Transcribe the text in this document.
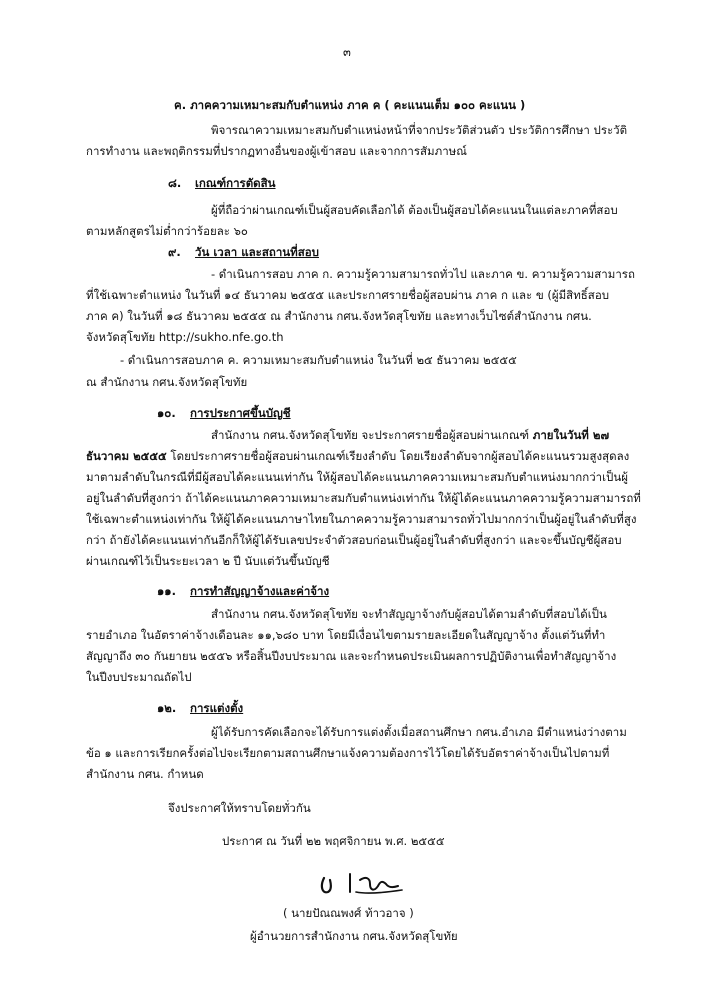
๓
ค. ภาคความเหมาะสมกับตำแหน่ง ภาค ค ( คะแนนเต็ม ๑๐๐ คะแนน )
พิจารณาความเหมาะสมกับตำแหน่งหน้าที่จากประวัติส่วนตัว ประวัติการศึกษา ประวัติ
การทำงาน และพฤติกรรมที่ปรากฏทางอื่นของผู้เข้าสอบ และจากการสัมภาษณ์
๘. เกณฑ์การตัดสิน
ผู้ที่ถือว่าผ่านเกณฑ์เป็นผู้สอบคัดเลือกได้ ต้องเป็นผู้สอบได้คะแนนในแต่ละภาคที่สอบ
ตามหลักสูตรไม่ต่ำกว่าร้อยละ ๖๐
๙. วัน เวลา และสถานที่สอบ
- ดำเนินการสอบ ภาค ก. ความรู้ความสามารถทั่วไป และภาค ข. ความรู้ความสามารถ
ที่ใช้เฉพาะตำแหน่ง ในวันที่ ๑๔ ธันวาคม ๒๕๕๕ และประกาศรายชื่อผู้สอบผ่าน ภาค ก และ ข (ผู้มีสิทธิ์สอบ
ภาค ค) ในวันที่ ๑๘ ธันวาคม ๒๕๕๕ ณ สำนักงาน กศน.จังหวัดสุโขทัย และทางเว็บไซต์สำนักงาน กศน.
จังหวัดสุโขทัย http://sukho.nfe.go.th
- ดำเนินการสอบภาค ค. ความเหมาะสมกับตำแหน่ง ในวันที่ ๒๕ ธันวาคม ๒๕๕๕
ณ สำนักงาน กศน.จังหวัดสุโขทัย
๑๐. การประกาศขึ้นบัญชี
สำนักงาน กศน.จังหวัดสุโขทัย จะประกาศรายชื่อผู้สอบผ่านเกณฑ์ ภายในวันที่ ๒๗
ธันวาคม ๒๕๕๕ โดยประกาศรายชื่อผู้สอบผ่านเกณฑ์เรียงลำดับ โดยเรียงลำดับจากผู้สอบได้คะแนนรวมสูงสุดลง
มาตามลำดับในกรณีที่มีผู้สอบได้คะแนนเท่ากัน ให้ผู้สอบได้คะแนนภาคความเหมาะสมกับตำแหน่งมากกว่าเป็นผู้
อยู่ในลำดับที่สูงกว่า ถ้าได้คะแนนภาคความเหมาะสมกับตำแหน่งเท่ากัน ให้ผู้ได้คะแนนภาคความรู้ความสามารถที่
ใช้เฉพาะตำแหน่งเท่ากัน ให้ผู้ได้คะแนนภาษาไทยในภาคความรู้ความสามารถทั่วไปมากกว่าเป็นผู้อยู่ในลำดับที่สูง
กว่า ถ้ายังได้คะแนนเท่ากันอีกก็ให้ผู้ได้รับเลขประจำตัวสอบก่อนเป็นผู้อยู่ในลำดับที่สูงกว่า และจะขึ้นบัญชีผู้สอบ
ผ่านเกณฑ์ไว้เป็นระยะเวลา ๒ ปี นับแต่วันขึ้นบัญชี
๑๑. การทำสัญญาจ้างและค่าจ้าง
สำนักงาน กศน.จังหวัดสุโขทัย จะทำสัญญาจ้างกับผู้สอบได้ตามลำดับที่สอบได้เป็น
รายอำเภอ ในอัตราค่าจ้างเดือนละ ๑๑,๖๘๐ บาท โดยมีเงื่อนไขตามรายละเอียดในสัญญาจ้าง ตั้งแต่วันที่ทำ
สัญญาถึง ๓๐ กันยายน ๒๕๕๖ หรือสิ้นปีงบประมาณ และจะกำหนดประเมินผลการปฏิบัติงานเพื่อทำสัญญาจ้าง
ในปีงบประมาณถัดไป
๑๒. การแต่งตั้ง
ผู้ได้รับการคัดเลือกจะได้รับการแต่งตั้งเมื่อสถานศึกษา กศน.อำเภอ มีตำแหน่งว่างตาม
ข้อ ๑ และการเรียกครั้งต่อไปจะเรียกตามสถานศึกษาแจ้งความต้องการไว้โดยได้รับอัตราค่าจ้างเป็นไปตามที่
สำนักงาน กศน. กำหนด
จึงประกาศให้ทราบโดยทั่วกัน
ประกาศ ณ วันที่ ๒๒ พฤศจิกายน พ.ศ. ๒๕๕๕
( นายปัณณพงศ์ ท้าวอาจ )
ผู้อำนวยการสำนักงาน กศน.จังหวัดสุโขทัย
